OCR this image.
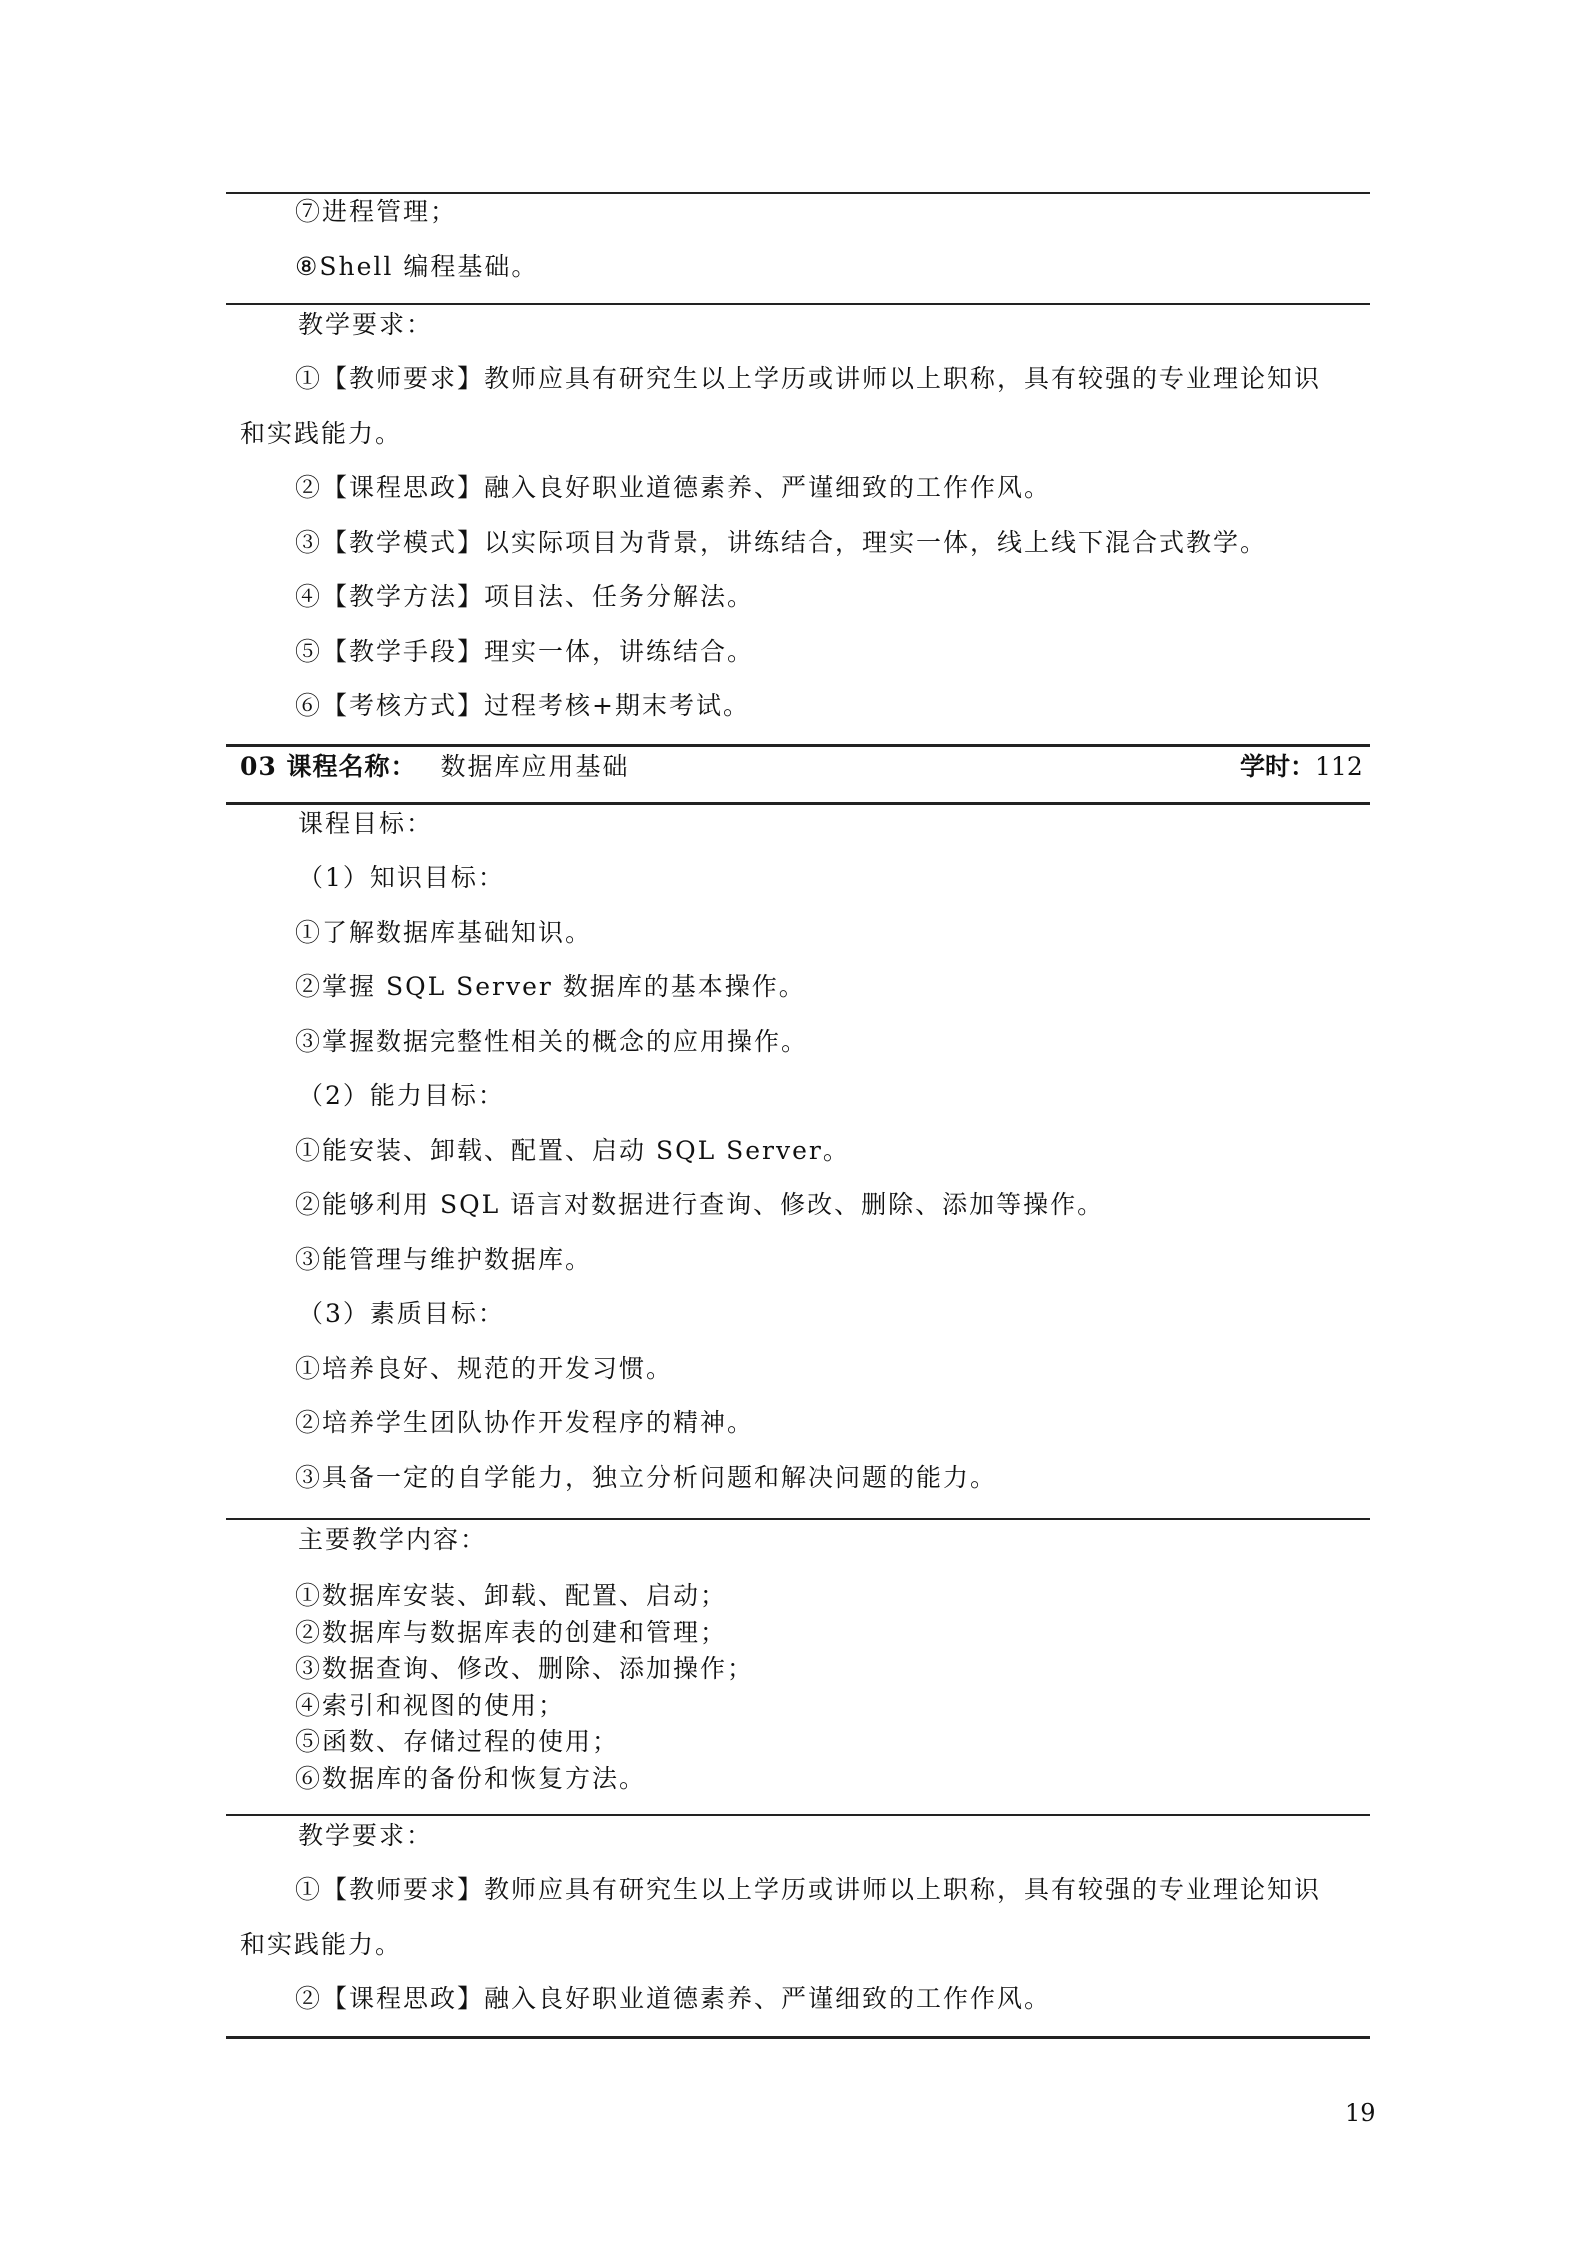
⑦进程管理；
⑧Shell 编程基础。
教学要求：
①【教师要求】教师应具有研究生以上学历或讲师以上职称，具有较强的专业理论知识
和实践能力。
②【课程思政】融入良好职业道德素养、严谨细致的工作作风。
③【教学模式】以实际项目为背景，讲练结合，理实一体，线上线下混合式教学。
④【教学方法】项目法、任务分解法。
⑤【教学手段】理实一体，讲练结合。
⑥【考核方式】过程考核+期末考试。
03 课程名称： 数据库应用基础	学时：112
课程目标：
（1）知识目标：
①了解数据库基础知识。
②掌握 SQL Server 数据库的基本操作。
③掌握数据完整性相关的概念的应用操作。
（2）能力目标：
①能安装、卸载、配置、启动 SQL Server。
②能够利用 SQL 语言对数据进行查询、修改、删除、添加等操作。
③能管理与维护数据库。
（3）素质目标：
①培养良好、规范的开发习惯。
②培养学生团队协作开发程序的精神。
③具备一定的自学能力，独立分析问题和解决问题的能力。
主要教学内容：
①数据库安装、卸载、配置、启动；
②数据库与数据库表的创建和管理；
③数据查询、修改、删除、添加操作；
④索引和视图的使用；
⑤函数、存储过程的使用；
⑥数据库的备份和恢复方法。
教学要求：
①【教师要求】教师应具有研究生以上学历或讲师以上职称，具有较强的专业理论知识
和实践能力。
②【课程思政】融入良好职业道德素养、严谨细致的工作作风。
19
